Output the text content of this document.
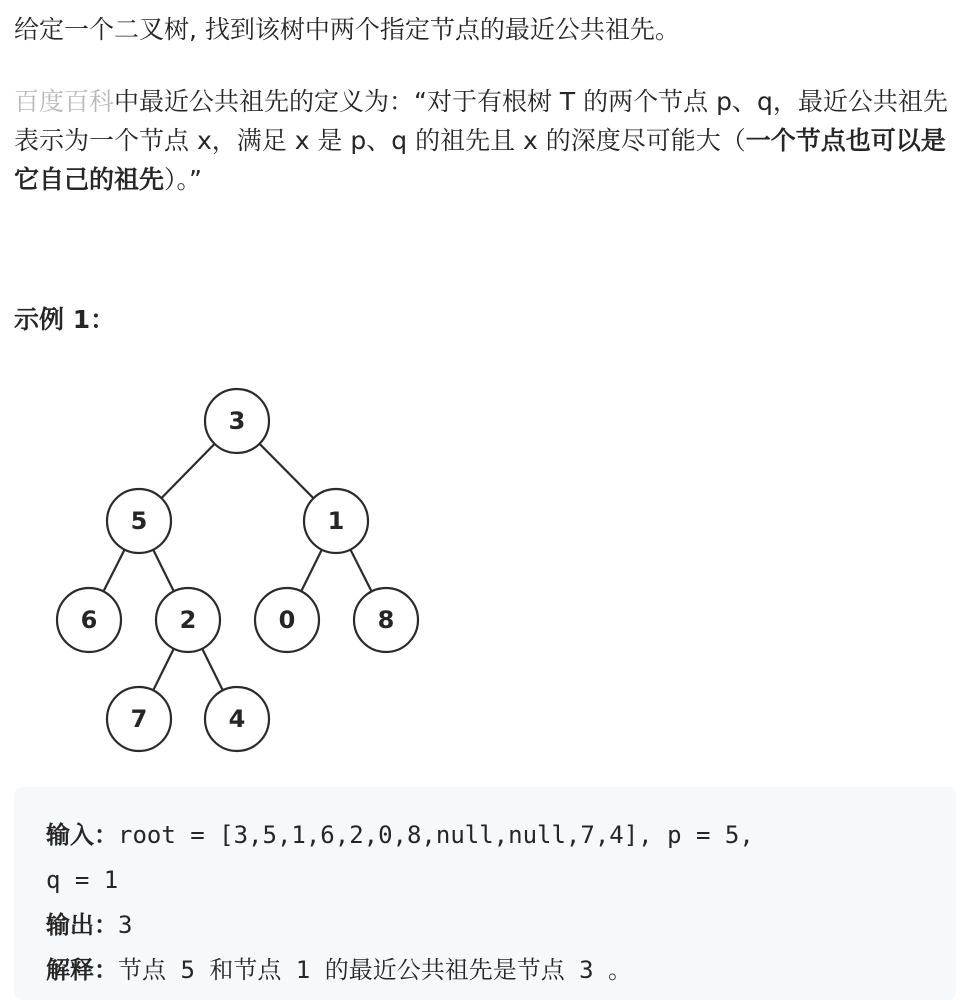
给定一个二叉树, 找到该树中两个指定节点的最近公共祖先。

百度百科中最近公共祖先的定义为：“对于有根树 T 的两个节点 p、q，最近公共祖先表示为一个节点 x，满足 x 是 p、q 的祖先且 x 的深度尽可能大（一个节点也可以是它自己的祖先）。”

示例 1：

3
5	1
6	2	0	8
7	4
输入：root = [3,5,1,6,2,0,8,null,null,7,4], p = 5,
q = 1
输出：3
解释：节点 5 和节点 1 的最近公共祖先是节点 3 。
